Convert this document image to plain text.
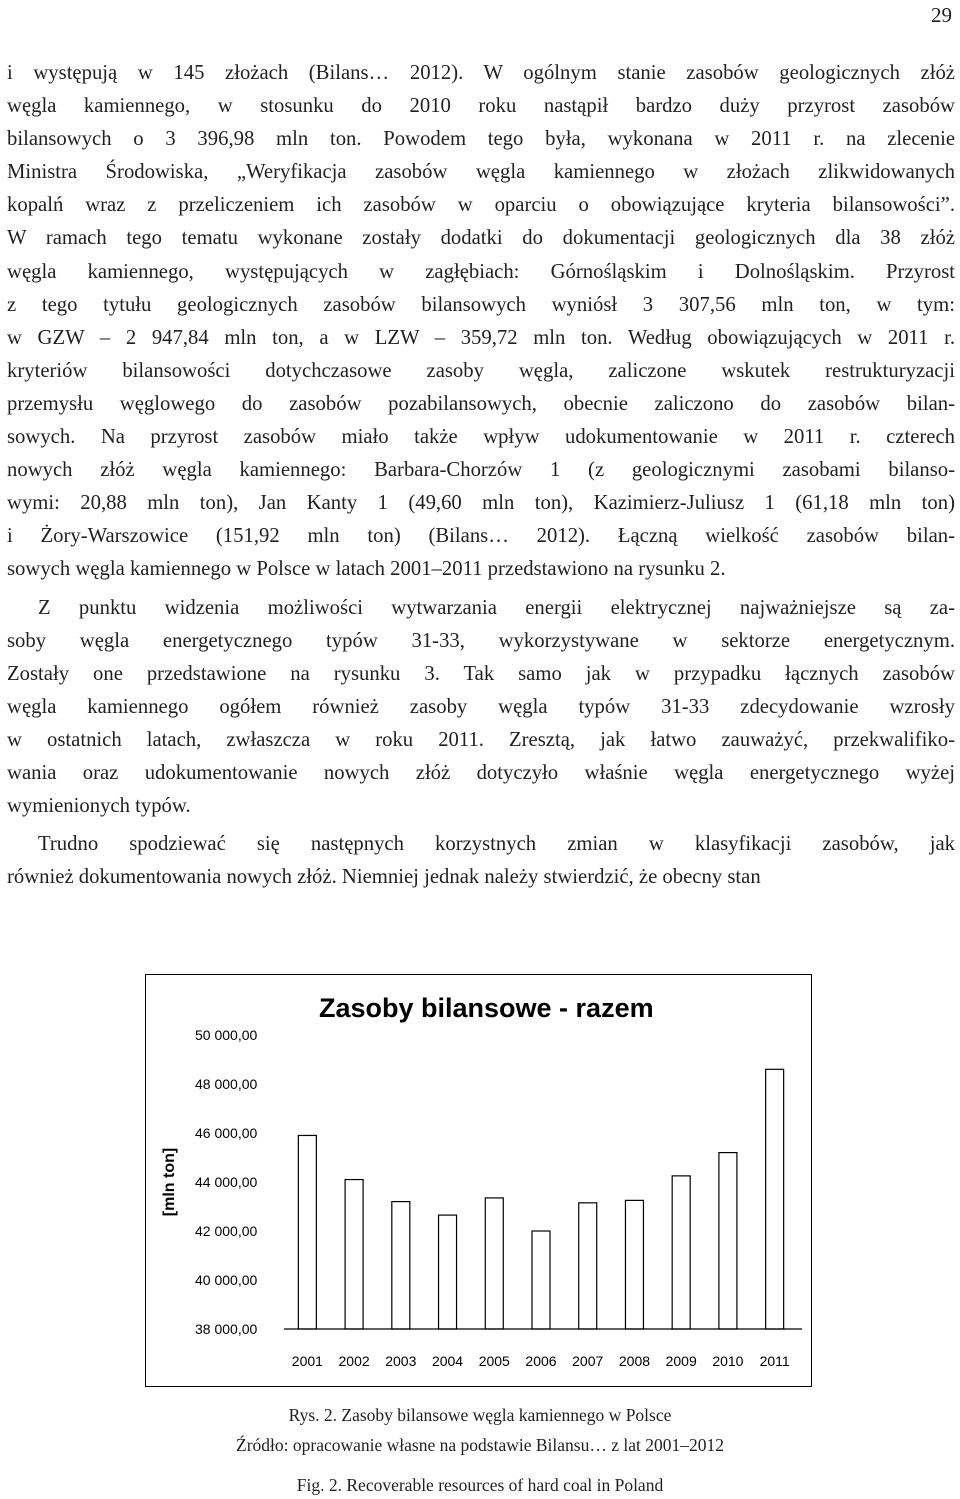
29
i występują w 145 złożach (Bilans… 2012). W ogólnym stanie zasobów geologicznych złóż
węgla kamiennego, w stosunku do 2010 roku nastąpił bardzo duży przyrost zasobów
bilansowych o 3 396,98 mln ton. Powodem tego była, wykonana w 2011 r. na zlecenie
Ministra Środowiska, „Weryfikacja zasobów węgla kamiennego w złożach zlikwidowanych
kopalń wraz z przeliczeniem ich zasobów w oparciu o obowiązujące kryteria bilansowości”.
W ramach tego tematu wykonane zostały dodatki do dokumentacji geologicznych dla 38 złóż
węgla kamiennego, występujących w zagłębiach: Górnośląskim i Dolnośląskim. Przyrost
z tego tytułu geologicznych zasobów bilansowych wyniósł 3 307,56 mln ton, w tym:
w GZW – 2 947,84 mln ton, a w LZW – 359,72 mln ton. Według obowiązujących w 2011 r.
kryteriów bilansowości dotychczasowe zasoby węgla, zaliczone wskutek restrukturyzacji
przemysłu węglowego do zasobów pozabilansowych, obecnie zaliczono do zasobów bilan-
sowych. Na przyrost zasobów miało także wpływ udokumentowanie w 2011 r. czterech
nowych złóż węgla kamiennego: Barbara-Chorzów 1 (z geologicznymi zasobami bilanso-
wymi: 20,88 mln ton), Jan Kanty 1 (49,60 mln ton), Kazimierz-Juliusz 1 (61,18 mln ton)
i Żory-Warszowice (151,92 mln ton) (Bilans… 2012). Łączną wielkość zasobów bilan-
sowych węgla kamiennego w Polsce w latach 2001–2011 przedstawiono na rysunku 2.
Z punktu widzenia możliwości wytwarzania energii elektrycznej najważniejsze są za-
soby węgla energetycznego typów 31-33, wykorzystywane w sektorze energetycznym.
Zostały one przedstawione na rysunku 3. Tak samo jak w przypadku łącznych zasobów
węgla kamiennego ogółem również zasoby węgla typów 31-33 zdecydowanie wzrosły
w ostatnich latach, zwłaszcza w roku 2011. Zresztą, jak łatwo zauważyć, przekwalifiko-
wania oraz udokumentowanie nowych złóż dotyczyło właśnie węgla energetycznego wyżej
wymienionych typów.
Trudno spodziewać się następnych korzystnych zmian w klasyfikacji zasobów, jak
również dokumentowania nowych złóż. Niemniej jednak należy stwierdzić, że obecny stan
Zasoby bilansowe - razem
[mln ton]
38 000,00
40 000,00
42 000,00
44 000,00
46 000,00
48 000,00
50 000,00
2001 2002 2003 2004 2005 2006 2007 2008 2009 2010 2011
Rys. 2. Zasoby bilansowe węgla kamiennego w Polsce
Źródło: opracowanie własne na podstawie Bilansu… z lat 2001–2012
Fig. 2. Recoverable resources of hard coal in Poland
